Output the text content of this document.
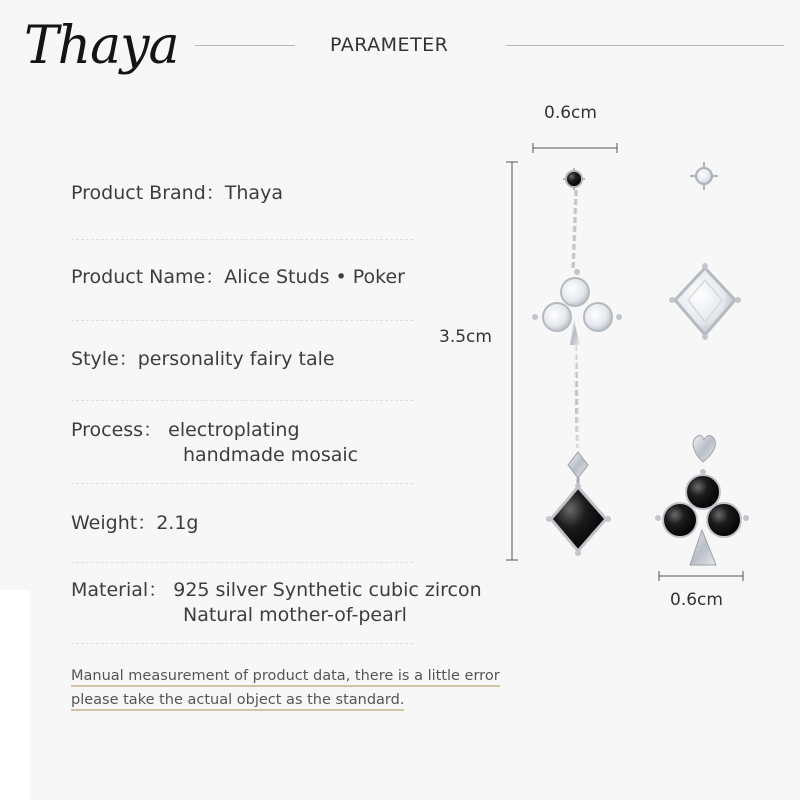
Thaya	PARAMETER
Product Brand：Thaya
Product Name：Alice Studs • Poker
Style：personality fairy tale
Process： electroplating
handmade mosaic
Weight：2.1g
Material： 925 silver Synthetic cubic zircon
Natural mother-of-pearl
Manual measurement of product data, there is a little error
please take the actual object as the standard.
0.6cm
3.5cm
0.6cm
